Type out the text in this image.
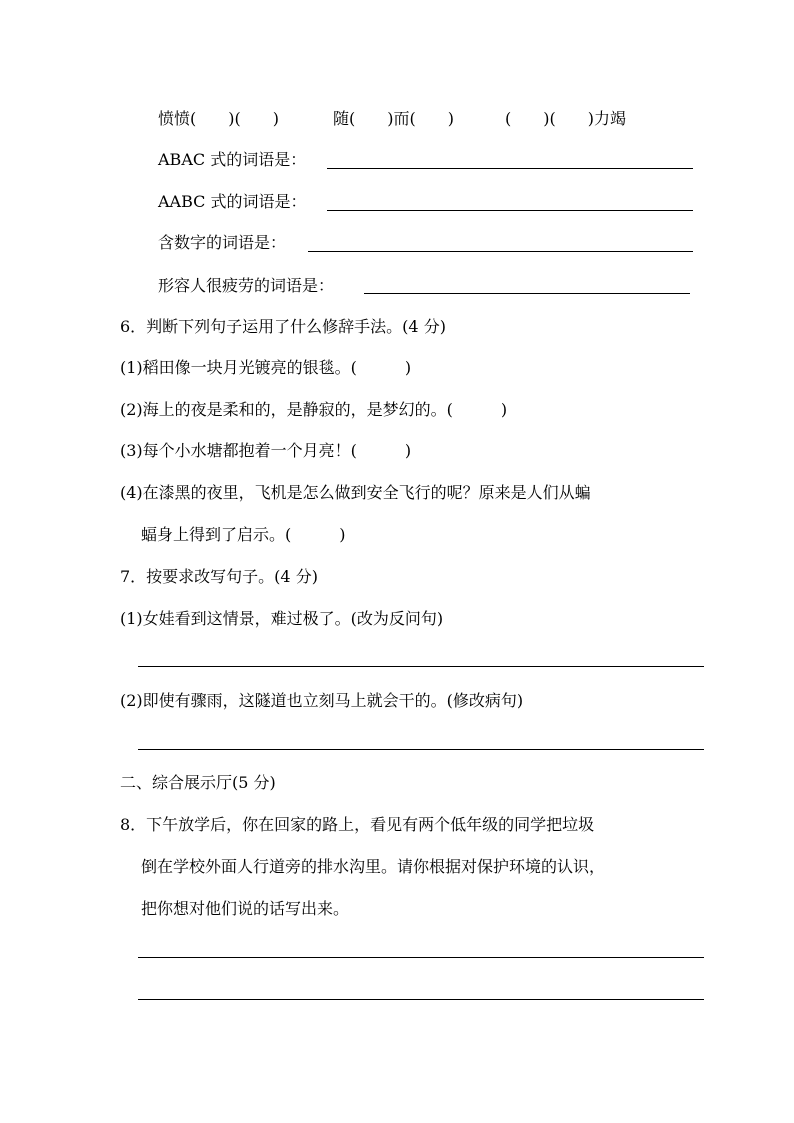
愤愤(　　)(　　)	随(　　)而(　　)	(　　)(　　)力竭
ABAC 式的词语是：
AABC 式的词语是：
含数字的词语是：
形容人很疲劳的词语是：
6．判断下列句子运用了什么修辞手法。(4 分)
(1)稻田像一块月光镀亮的银毯。(　　　)
(2)海上的夜是柔和的，是静寂的，是梦幻的。(　　　)
(3)每个小水塘都抱着一个月亮！(　　　)
(4)在漆黑的夜里，飞机是怎么做到安全飞行的呢？原来是人们从蝙
蝠身上得到了启示。(　　　)
7．按要求改写句子。(4 分)
(1)女娃看到这情景，难过极了。(改为反问句)
(2)即使有骤雨，这隧道也立刻马上就会干的。(修改病句)
二、综合展示厅(5 分)
8．下午放学后，你在回家的路上，看见有两个低年级的同学把垃圾
倒在学校外面人行道旁的排水沟里。请你根据对保护环境的认识，
把你想对他们说的话写出来。
